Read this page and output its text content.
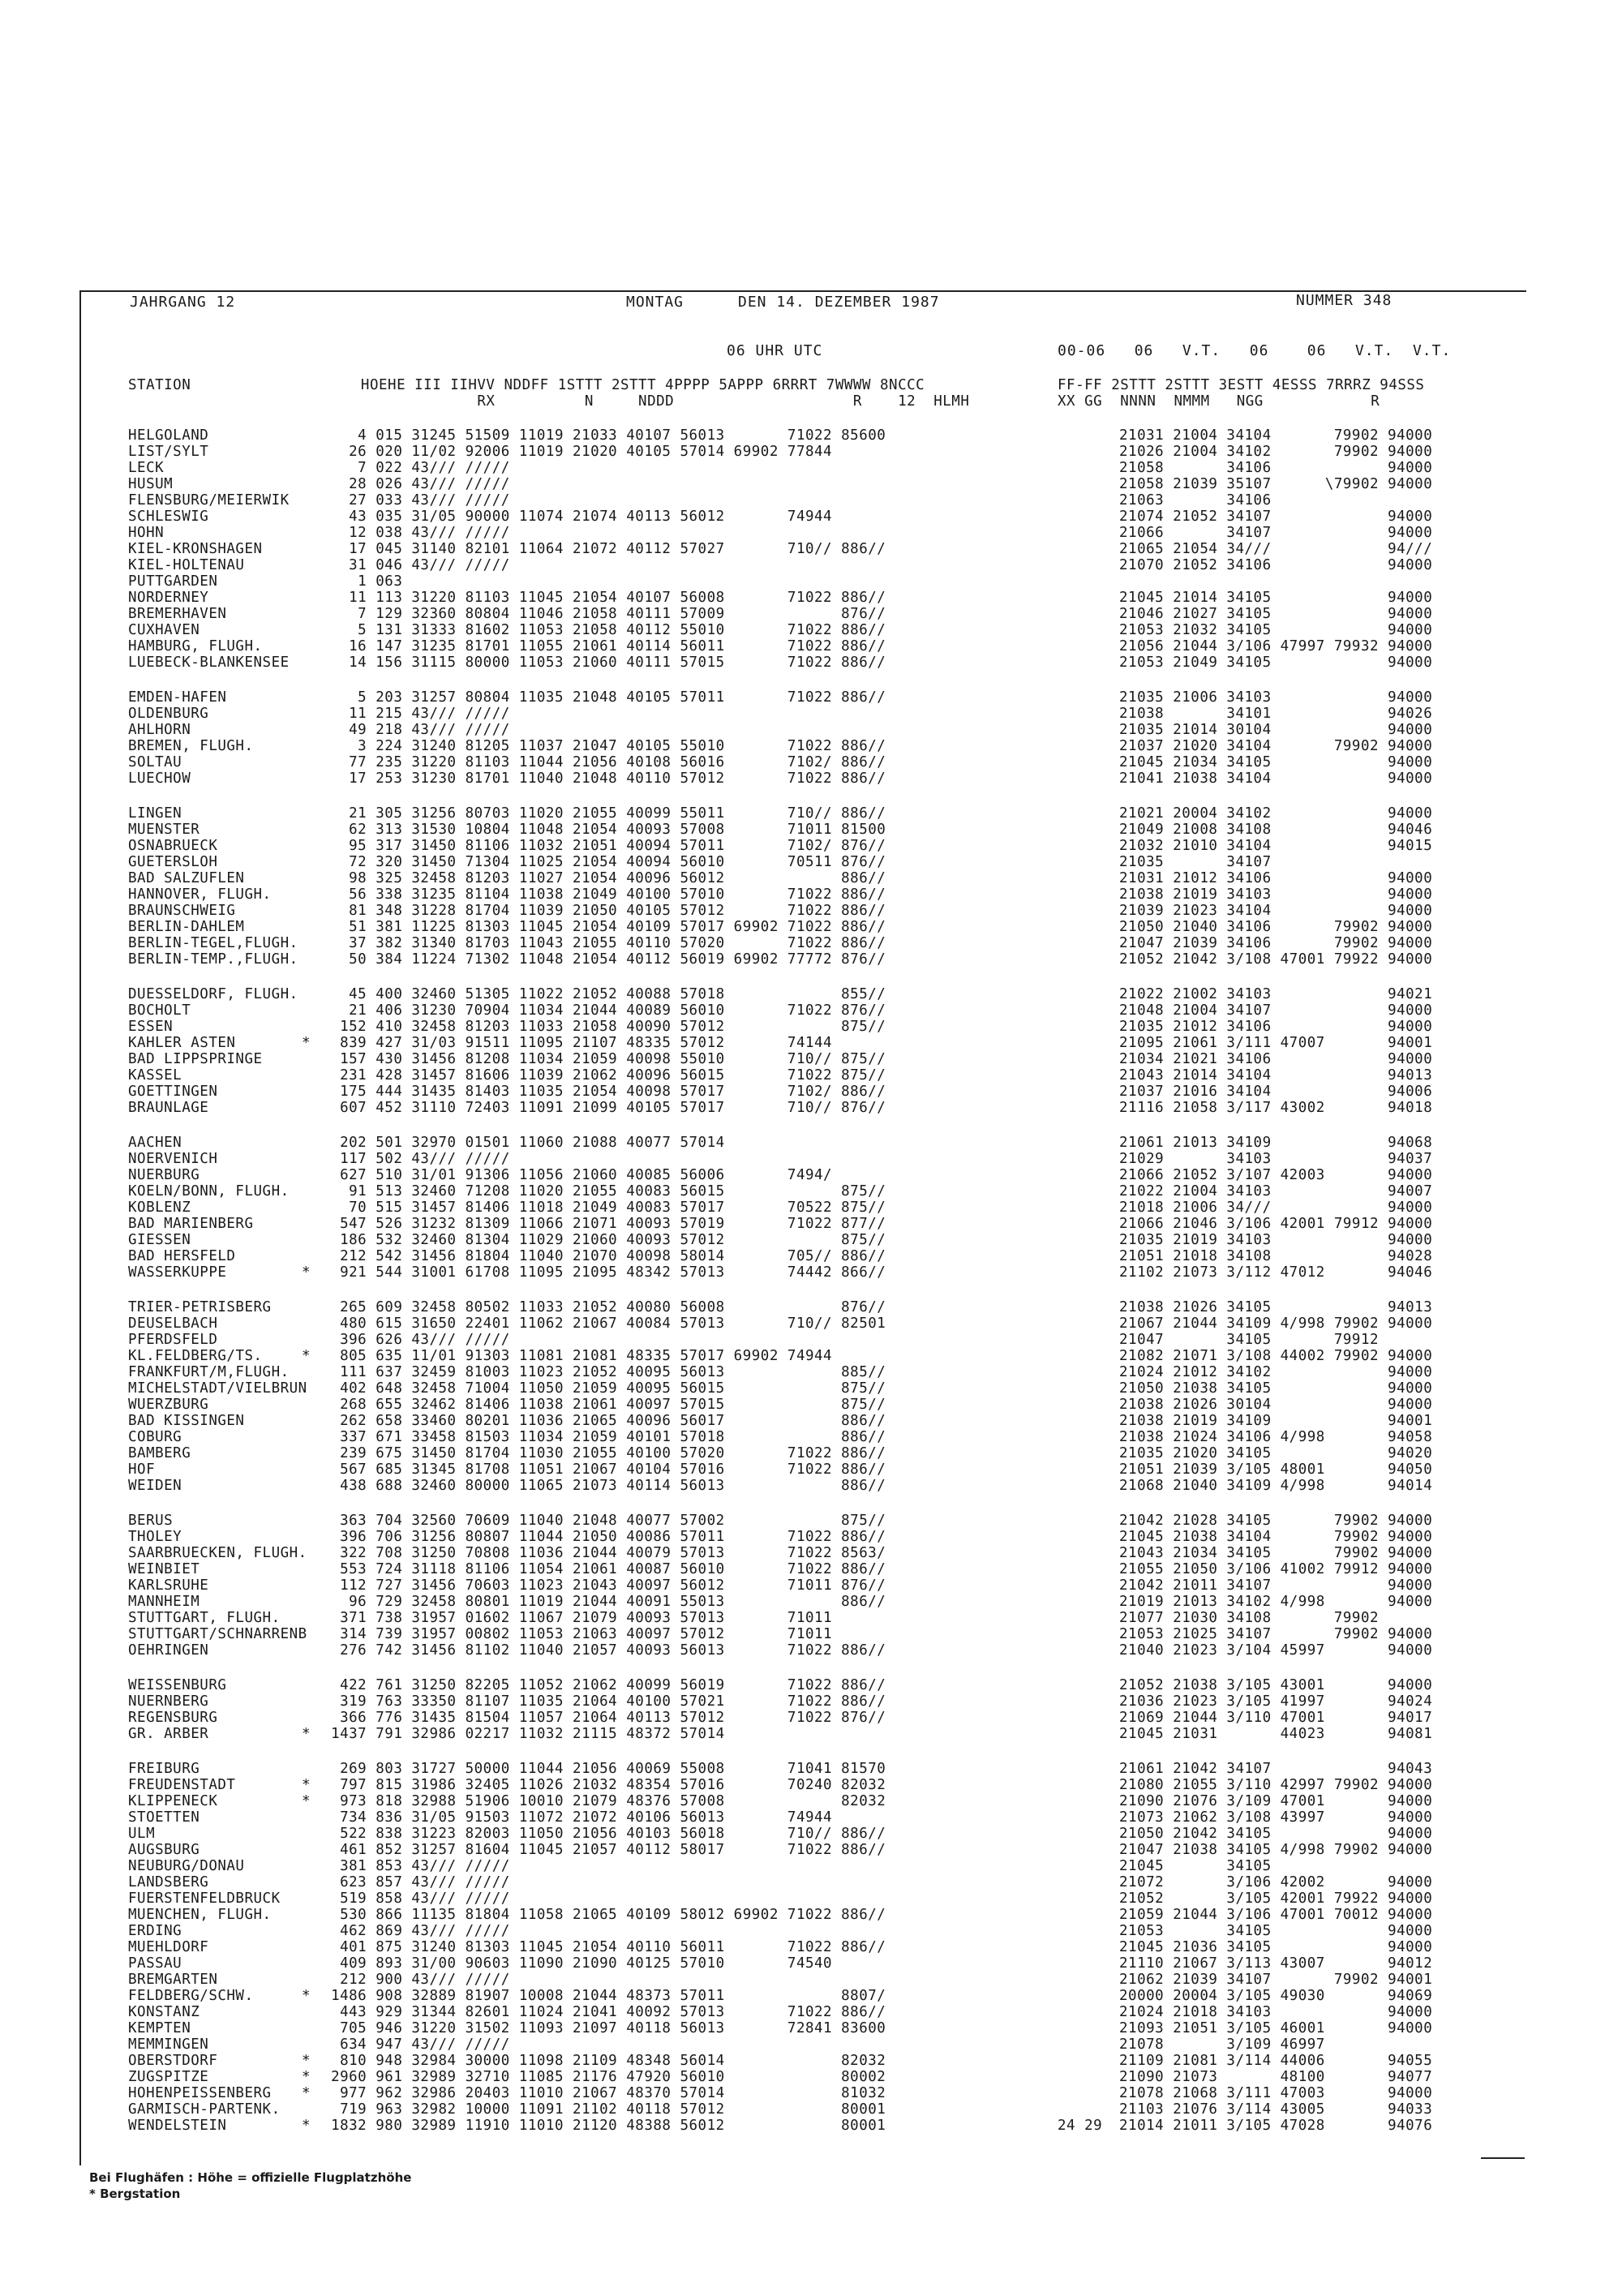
JAHRGANG 12	MONTAG	DEN 14. DEZEMBER 1987	NUMMER 348
06 UHR UTC	00-06   06   V.T.   06    06   V.T.  V.T.
STATION                   HOEHE III IIHVV NDDFF 1STTT 2STTT 4PPPP 5APPP 6RRRT 7WWWW 8NCCC
RX          N     NDDD                    R    12  HLMH
FF-FF 2STTT 2STTT 3ESTT 4ESSS 7RRRZ 94SSS
XX GG  NNNN  NMMM   NGG            R
HELGOLAND	4 015 31245 51509 11019 21033 40107 56013       71022 85600	21031 21004 34104       79902 94000
LIST/SYLT	26 020 11/02 92006 11019 21020 40105 57014 69902 77844	21026 21004 34102       79902 94000
LECK	7 022 43/// /////	21058       34106             94000
HUSUM	28 026 43/// /////	21058 21039 35107      \79902 94000
FLENSBURG/MEIERWIK	27 033 43/// /////	21063       34106
SCHLESWIG	43 035 31/05 90000 11074 21074 40113 56012       74944	21074 21052 34107             94000
HOHN	12 038 43/// /////	21066       34107             94000
KIEL-KRONSHAGEN	17 045 31140 82101 11064 21072 40112 57027       710// 886//	21065 21054 34///             94///
KIEL-HOLTENAU	31 046 43/// /////	21070 21052 34106             94000
PUTTGARDEN	1 063
NORDERNEY	11 113 31220 81103 11045 21054 40107 56008       71022 886//	21045 21014 34105             94000
BREMERHAVEN	7 129 32360 80804 11046 21058 40111 57009             876//	21046 21027 34105             94000
CUXHAVEN	5 131 31333 81602 11053 21058 40112 55010       71022 886//	21053 21032 34105             94000
HAMBURG, FLUGH.	16 147 31235 81701 11055 21061 40114 56011       71022 886//	21056 21044 3/106 47997 79932 94000
LUEBECK-BLANKENSEE	14 156 31115 80000 11053 21060 40111 57015       71022 886//	21053 21049 34105             94000
EMDEN-HAFEN	5 203 31257 80804 11035 21048 40105 57011       71022 886//	21035 21006 34103             94000
OLDENBURG	11 215 43/// /////	21038       34101             94026
AHLHORN	49 218 43/// /////	21035 21014 30104             94000
BREMEN, FLUGH.	3 224 31240 81205 11037 21047 40105 55010       71022 886//	21037 21020 34104       79902 94000
SOLTAU	77 235 31220 81103 11044 21056 40108 56016       7102/ 886//	21045 21034 34105             94000
LUECHOW	17 253 31230 81701 11040 21048 40110 57012       71022 886//	21041 21038 34104             94000
LINGEN	21 305 31256 80703 11020 21055 40099 55011       710// 886//	21021 20004 34102             94000
MUENSTER	62 313 31530 10804 11048 21054 40093 57008       71011 81500	21049 21008 34108             94046
OSNABRUECK	95 317 31450 81106 11032 21051 40094 57011       7102/ 876//	21032 21010 34104             94015
GUETERSLOH	72 320 31450 71304 11025 21054 40094 56010       70511 876//	21035       34107
BAD SALZUFLEN	98 325 32458 81203 11027 21054 40096 56012             886//	21031 21012 34106             94000
HANNOVER, FLUGH.	56 338 31235 81104 11038 21049 40100 57010       71022 886//	21038 21019 34103             94000
BRAUNSCHWEIG	81 348 31228 81704 11039 21050 40105 57012       71022 886//	21039 21023 34104             94000
BERLIN-DAHLEM	51 381 11225 81303 11045 21054 40109 57017 69902 71022 886//	21050 21040 34106       79902 94000
BERLIN-TEGEL,FLUGH.	37 382 31340 81703 11043 21055 40110 57020       71022 886//	21047 21039 34106       79902 94000
BERLIN-TEMP.,FLUGH.	50 384 11224 71302 11048 21054 40112 56019 69902 77772 876//	21052 21042 3/108 47001 79922 94000
DUESSELDORF, FLUGH.	45 400 32460 51305 11022 21052 40088 57018             855//	21022 21002 34103             94021
BOCHOLT	21 406 31230 70904 11034 21044 40089 56010       71022 876//	21048 21004 34107             94000
ESSEN	152 410 32458 81203 11033 21058 40090 57012             875//	21035 21012 34106             94000
KAHLER ASTEN	* 839 427 31/03 91511 11095 21107 48335 57012       74144	21095 21061 3/111 47007       94001
BAD LIPPSPRINGE	157 430 31456 81208 11034 21059 40098 55010       710// 875//	21034 21021 34106             94000
KASSEL	231 428 31457 81606 11039 21062 40096 56015       71022 875//	21043 21014 34104             94013
GOETTINGEN	175 444 31435 81403 11035 21054 40098 57017       7102/ 886//	21037 21016 34104             94006
BRAUNLAGE	607 452 31110 72403 11091 21099 40105 57017       710// 876//	21116 21058 3/117 43002       94018
AACHEN	202 501 32970 01501 11060 21088 40077 57014	21061 21013 34109             94068
NOERVENICH	117 502 43/// /////	21029       34103             94037
NUERBURG	627 510 31/01 91306 11056 21060 40085 56006       7494/	21066 21052 3/107 42003       94000
KOELN/BONN, FLUGH.	91 513 32460 71208 11020 21055 40083 56015             875//	21022 21004 34103             94007
KOBLENZ	70 515 31457 81406 11018 21049 40083 57017       70522 875//	21018 21006 34///             94000
BAD MARIENBERG	547 526 31232 81309 11066 21071 40093 57019       71022 877//	21066 21046 3/106 42001 79912 94000
GIESSEN	186 532 32460 81304 11029 21060 40093 57012             875//	21035 21019 34103             94000
BAD HERSFELD	212 542 31456 81804 11040 21070 40098 58014       705// 886//	21051 21018 34108             94028
WASSERKUPPE	* 921 544 31001 61708 11095 21095 48342 57013       74442 866//	21102 21073 3/112 47012       94046
TRIER-PETRISBERG	265 609 32458 80502 11033 21052 40080 56008             876//	21038 21026 34105             94013
DEUSELBACH	480 615 31650 22401 11062 21067 40084 57013       710// 82501	21067 21044 34109 4/998 79902 94000
PFERDSFELD	396 626 43/// /////	21047       34105       79912
KL.FELDBERG/TS.	* 805 635 11/01 91303 11081 21081 48335 57017 69902 74944	21082 21071 3/108 44002 79902 94000
FRANKFURT/M,FLUGH.	111 637 32459 81003 11023 21052 40095 56013             885//	21024 21012 34102             94000
MICHELSTADT/VIELBRUN 402 648 32458 71004 11050 21059 40095 56015             875//	21050 21038 34105             94000
WUERZBURG	268 655 32462 81406 11038 21061 40097 57015             875//	21038 21026 30104             94000
BAD KISSINGEN	262 658 33460 80201 11036 21065 40096 56017             886//	21038 21019 34109             94001
COBURG	337 671 33458 81503 11034 21059 40101 57018             886//	21038 21024 34106 4/998       94058
BAMBERG	239 675 31450 81704 11030 21055 40100 57020       71022 886//	21035 21020 34105             94020
HOF	567 685 31345 81708 11051 21067 40104 57016       71022 886//	21051 21039 3/105 48001       94050
WEIDEN	438 688 32460 80000 11065 21073 40114 56013             886//	21068 21040 34109 4/998       94014
BERUS	363 704 32560 70609 11040 21048 40077 57002             875//	21042 21028 34105       79902 94000
THOLEY	396 706 31256 80807 11044 21050 40086 57011       71022 886//	21045 21038 34104       79902 94000
SAARBRUECKEN, FLUGH. 322 708 31250 70808 11036 21044 40079 57013       71022 8563/	21043 21034 34105       79902 94000
WEINBIET	553 724 31118 81106 11054 21061 40087 56010       71022 886//	21055 21050 3/106 41002 79912 94000
KARLSRUHE	112 727 31456 70603 11023 21043 40097 56012       71011 876//	21042 21011 34107             94000
MANNHEIM	96 729 32458 80801 11019 21044 40091 55013             886//	21019 21013 34102 4/998       94000
STUTTGART, FLUGH.	371 738 31957 01602 11067 21079 40093 57013       71011	21077 21030 34108       79902
STUTTGART/SCHNARRENB 314 739 31957 00802 11053 21063 40097 57012       71011	21053 21025 34107       79902 94000
OEHRINGEN	276 742 31456 81102 11040 21057 40093 56013       71022 886//	21040 21023 3/104 45997       94000
WEISSENBURG	422 761 31250 82205 11052 21062 40099 56019       71022 886//	21052 21038 3/105 43001       94000
NUERNBERG	319 763 33350 81107 11035 21064 40100 57021       71022 886//	21036 21023 3/105 41997       94024
REGENSBURG	366 776 31435 81504 11057 21064 40113 57012       71022 876//	21069 21044 3/110 47001       94017
GR. ARBER	* 1437 791 32986 02217 11032 21115 48372 57014	21045 21031       44023       94081
FREIBURG	269 803 31727 50000 11044 21056 40069 55008       71041 81570	21061 21042 34107             94043
FREUDENSTADT	* 797 815 31986 32405 11026 21032 48354 57016       70240 82032	21080 21055 3/110 42997 79902 94000
KLIPPENECK	* 973 818 32988 51906 10010 21079 48376 57008             82032	21090 21076 3/109 47001       94000
STOETTEN	734 836 31/05 91503 11072 21072 40106 56013       74944	21073 21062 3/108 43997       94000
ULM	522 838 31223 82003 11050 21056 40103 56018       710// 886//	21050 21042 34105             94000
AUGSBURG	461 852 31257 81604 11045 21057 40112 58017       71022 886//	21047 21038 34105 4/998 79902 94000
NEUBURG/DONAU	381 853 43/// /////	21045       34105
LANDSBERG	623 857 43/// /////	21072       3/106 42002       94000
FUERSTENFELDBRUCK	519 858 43/// /////	21052       3/105 42001 79922 94000
MUENCHEN, FLUGH.	530 866 11135 81804 11058 21065 40109 58012 69902 71022 886//	21059 21044 3/106 47001 70012 94000
ERDING	462 869 43/// /////	21053       34105             94000
MUEHLDORF	401 875 31240 81303 11045 21054 40110 56011       71022 886//	21045 21036 34105             94000
PASSAU	409 893 31/00 90603 11090 21090 40125 57010       74540	21110 21067 3/113 43007       94012
BREMGARTEN	212 900 43/// /////	21062 21039 34107       79902 94001
FELDBERG/SCHW.	* 1486 908 32889 81907 10008 21044 48373 57011             8807/	20000 20004 3/105 49030       94069
KONSTANZ	443 929 31344 82601 11024 21041 40092 57013       71022 886//	21024 21018 34103             94000
KEMPTEN	705 946 31220 31502 11093 21097 40118 56013       72841 83600	21093 21051 3/105 46001       94000
MEMMINGEN	634 947 43/// /////	21078       3/109 46997
OBERSTDORF	* 810 948 32984 30000 11098 21109 48348 56014             82032	21109 21081 3/114 44006       94055
ZUGSPITZE	* 2960 961 32989 32710 11085 21176 47920 56010             80002	21090 21073       48100       94077
HOHENPEISSENBERG	* 977 962 32986 20403 11010 21067 48370 57014             81032	21078 21068 3/111 47003       94000
GARMISCH-PARTENK.	719 963 32982 10000 11091 21102 40118 57012             80001	21103 21076 3/114 43005       94033
WENDELSTEIN	* 1832 980 32989 11910 11010 21120 48388 56012             80001	24 29 21014 21011 3/105 47028       94076
Bei Flughäfen : Höhe = offizielle Flugplatzhöhe
* Bergstation
